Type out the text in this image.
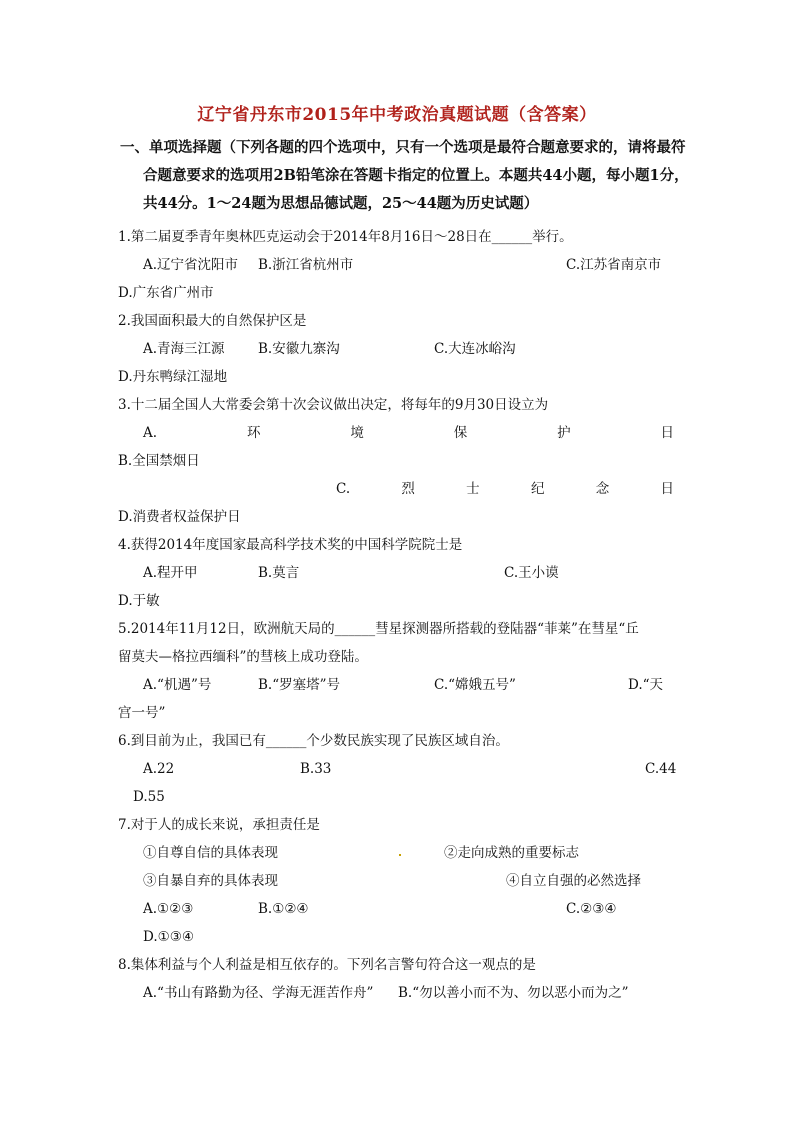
辽宁省丹东市2015年中考政治真题试题（含答案）
一、单项选择题（下列各题的四个选项中，只有一个选项是最符合题意要求的，请将最符
合题意要求的选项用2B铅笔涂在答题卡指定的位置上。本题共44小题，每小题1分，
共44分。1～24题为思想品德试题，25～44题为历史试题）
1.第二届夏季青年奥林匹克运动会于2014年8月16日～28日在______举行。
A.辽宁省沈阳市 B.浙江省杭州市	C.江苏省南京市
D.广东省广州市
2.我国面积最大的自然保护区是
A.青海三江源 B.安徽九寨沟	C.大连冰峪沟
D.丹东鸭绿江湿地
3.十二届全国人大常委会第十次会议做出决定，将每年的9月30日设立为
A.	环	境	保	护	日
B.全国禁烟日
C.	烈	士	纪	念	日
D.消费者权益保护日
4.获得2014年度国家最高科学技术奖的中国科学院院士是
A.程开甲	B.莫言	C.王小谟
D.于敏
5.2014年11月12日，欧洲航天局的______彗星探测器所搭载的登陆器“菲莱”在彗星“丘
留莫夫—格拉西缅科”的彗核上成功登陆。
A.“机遇”号	B.“罗塞塔”号	C.“嫦娥五号”	D.“天
宫一号”
6.到目前为止，我国已有______个少数民族实现了民族区域自治。
A.22	B.33	C.44
D.55
7.对于人的成长来说，承担责任是
①自尊自信的具体表现	②走向成熟的重要标志
③自暴自弃的具体表现	④自立自强的必然选择
A.①②③	B.①②④	C.②③④
D.①③④
8.集体利益与个人利益是相互依存的。下列名言警句符合这一观点的是
A.“书山有路勤为径、学海无涯苦作舟” B.“勿以善小而不为、勿以恶小而为之”
